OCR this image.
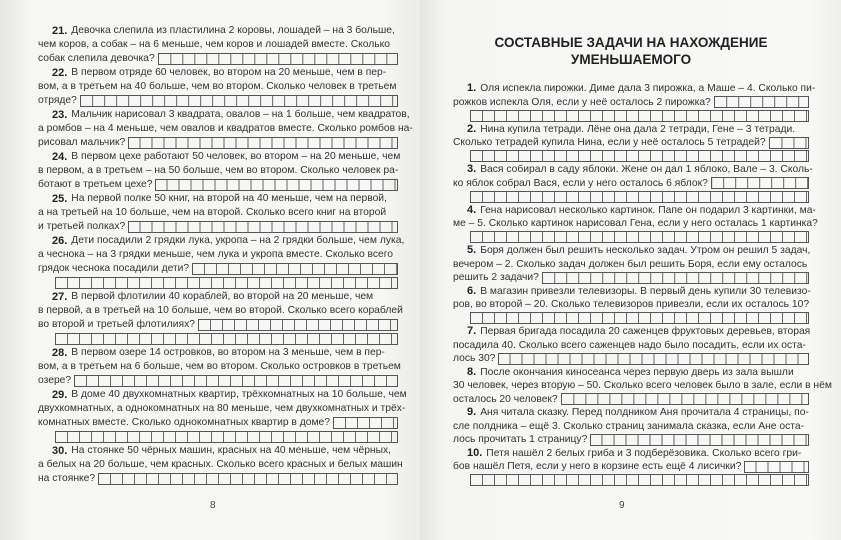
21. Девочка слепила из пластилина 2 коровы, лошадей – на 3 больше,
чем коров, а собак – на 6 меньше, чем коров и лошадей вместе. Сколько
собак слепила девочка?
22. В первом отряде 60 человек, во втором на 20 меньше, чем в пер-
вом, а в третьем на 40 больше, чем во втором. Сколько человек в третьем
отряде?
23. Мальчик нарисовал 3 квадрата, овалов – на 1 больше, чем квадратов,
а ромбов – на 4 меньше, чем овалов и квадратов вместе. Сколько ромбов на-
рисовал мальчик?
24. В первом цехе работают 50 человек, во втором – на 20 меньше, чем
в первом, а в третьем – на 50 больше, чем во втором. Сколько человек ра-
ботают в третьем цехе?
25. На первой полке 50 книг, на второй на 40 меньше, чем на первой,
а на третьей на 10 больше, чем на второй. Сколько всего книг на второй
и третьей полках?
26. Дети посадили 2 грядки лука, укропа – на 2 грядки больше, чем лука,
а чеснока – на 3 грядки меньше, чем лука и укропа вместе. Сколько всего
грядок чеснока посадили дети?
27. В первой флотилии 40 кораблей, во второй на 20 меньше, чем
в первой, а в третьей на 10 больше, чем во второй. Сколько всего кораблей
во второй и третьей флотилиях?
28. В первом озере 14 островков, во втором на 3 меньше, чем в пер-
вом, а в третьем на 6 больше, чем во втором. Сколько островков в третьем
озере?
29. В доме 40 двухкомнатных квартир, трёхкомнатных на 10 больше, чем
двухкомнатных, а однокомнатных на 80 меньше, чем двухкомнатных и трёх-
комнатных вместе. Сколько однокомнатных квартир в доме?
30. На стоянке 50 чёрных машин, красных на 40 меньше, чем чёрных,
а белых на 20 больше, чем красных. Сколько всего красных и белых машин
на стоянке?
8
СОСТАВНЫЕ ЗАДАЧИ НА НАХОЖДЕНИЕ
УМЕНЬШАЕМОГО
1. Оля испекла пирожки. Диме дала 3 пирожка, а Маше – 4. Сколько пи-
рожков испекла Оля, если у неё осталось 2 пирожка?
2. Нина купила тетради. Лёне она дала 2 тетради, Гене – 3 тетради.
Сколько тетрадей купила Нина, если у неё осталось 5 тетрадей?
3. Вася собирал в саду яблоки. Жене он дал 1 яблоко, Вале – 3. Сколь-
ко яблок собрал Вася, если у него осталось 6 яблок?
4. Гена нарисовал несколько картинок. Папе он подарил 3 картинки, ма-
ме – 5. Сколько картинок нарисовал Гена, если у него осталась 1 картинка?
5. Боря должен был решить несколько задач. Утром он решил 5 задач,
вечером – 2. Сколько задач должен был решить Боря, если ему осталось
решить 2 задачи?
6. В магазин привезли телевизоры. В первый день купили 30 телевизо-
ров, во второй – 20. Сколько телевизоров привезли, если их осталось 10?
7. Первая бригада посадила 20 саженцев фруктовых деревьев, вторая
посадила 40. Сколько всего саженцев надо было посадить, если их оста-
лось 30?
8. После окончания киносеанса через первую дверь из зала вышли
30 человек, через вторую – 50. Сколько всего человек было в зале, если в нём
осталось 20 человек?
9. Аня читала сказку. Перед полдником Аня прочитала 4 страницы, по-
сле полдника – ещё 3. Сколько страниц занимала сказка, если Ане оста-
лось прочитать 1 страницу?
10. Петя нашёл 2 белых гриба и 3 подберёзовика. Сколько всего гри-
бов нашёл Петя, если у него в корзине есть ещё 4 лисички?
9
